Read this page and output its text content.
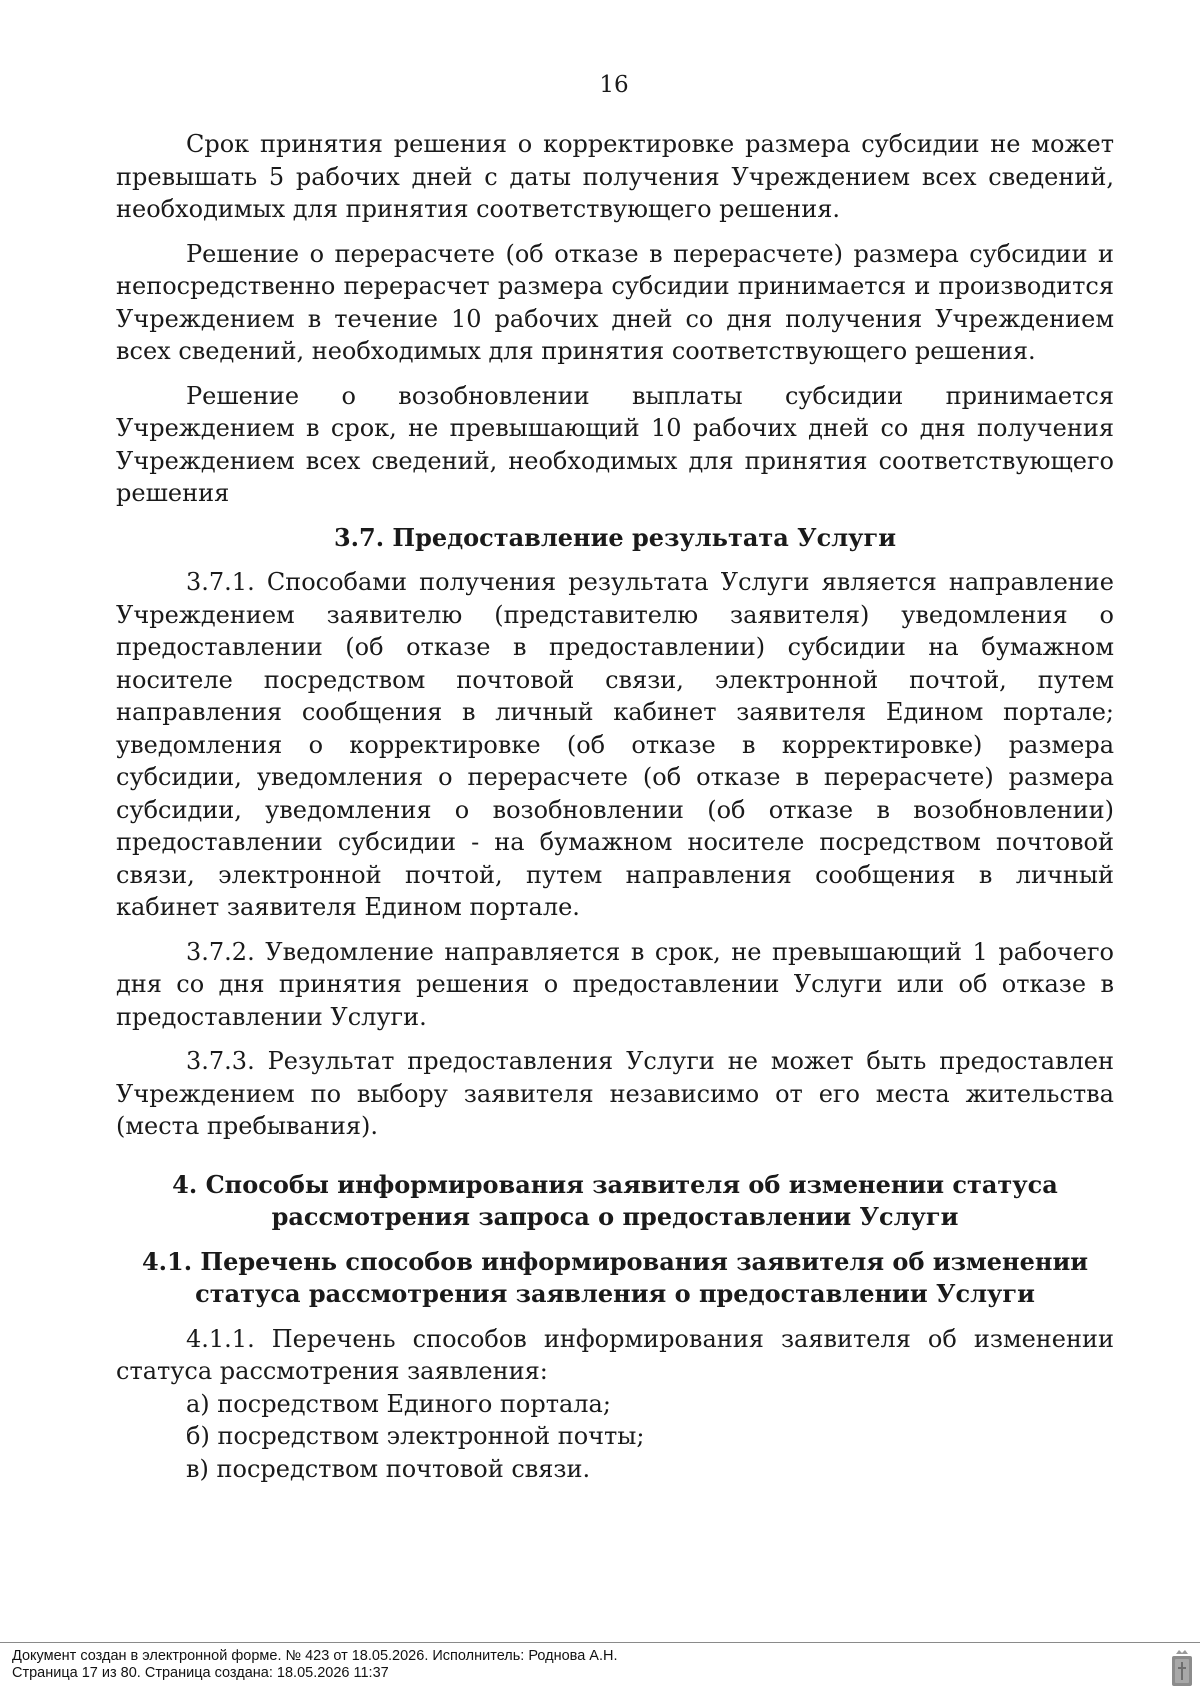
16

Срок принятия решения о корректировке размера субсидии не может превышать 5 рабочих дней с даты получения Учреждением всех сведений, необходимых для принятия соответствующего решения.

Решение о перерасчете (об отказе в перерасчете) размера субсидии и непосредственно перерасчет размера субсидии принимается и производится Учреждением в течение 10 рабочих дней со дня получения Учреждением всех сведений, необходимых для принятия соответствующего решения.

Решение о возобновлении выплаты субсидии принимается Учреждением в срок, не превышающий 10 рабочих дней со дня получения Учреждением всех сведений, необходимых для принятия соответствующего решения

3.7. Предоставление результата Услуги

3.7.1. Способами получения результата Услуги является направление Учреждением заявителю (представителю заявителя) уведомления о предоставлении (об отказе в предоставлении) субсидии на бумажном носителе посредством почтовой связи, электронной почтой, путем направления сообщения в личный кабинет заявителя Едином портале; уведомления о корректировке (об отказе в корректировке) размера субсидии, уведомления о перерасчете (об отказе в перерасчете) размера субсидии, уведомления о возобновлении (об отказе в возобновлении) предоставлении субсидии - на бумажном носителе посредством почтовой связи, электронной почтой, путем направления сообщения в личный кабинет заявителя Едином портале.

3.7.2. Уведомление направляется в срок, не превышающий 1 рабочего дня со дня принятия решения о предоставлении Услуги или об отказе в предоставлении Услуги.

3.7.3. Результат предоставления Услуги не может быть предоставлен Учреждением по выбору заявителя независимо от его места жительства (места пребывания).

4. Способы информирования заявителя об изменении статуса рассмотрения запроса о предоставлении Услуги
4.1. Перечень способов информирования заявителя об изменении статуса рассмотрения заявления о предоставлении Услуги

4.1.1. Перечень способов информирования заявителя об изменении статуса рассмотрения заявления:

а) посредством Единого портала;
б) посредством электронной почты;
в) посредством почтовой связи.
Документ создан в электронной форме. № 423 от 18.05.2026. Исполнитель: Роднова А.Н.
Страница 17 из 80. Страница создана: 18.05.2026 11:37
